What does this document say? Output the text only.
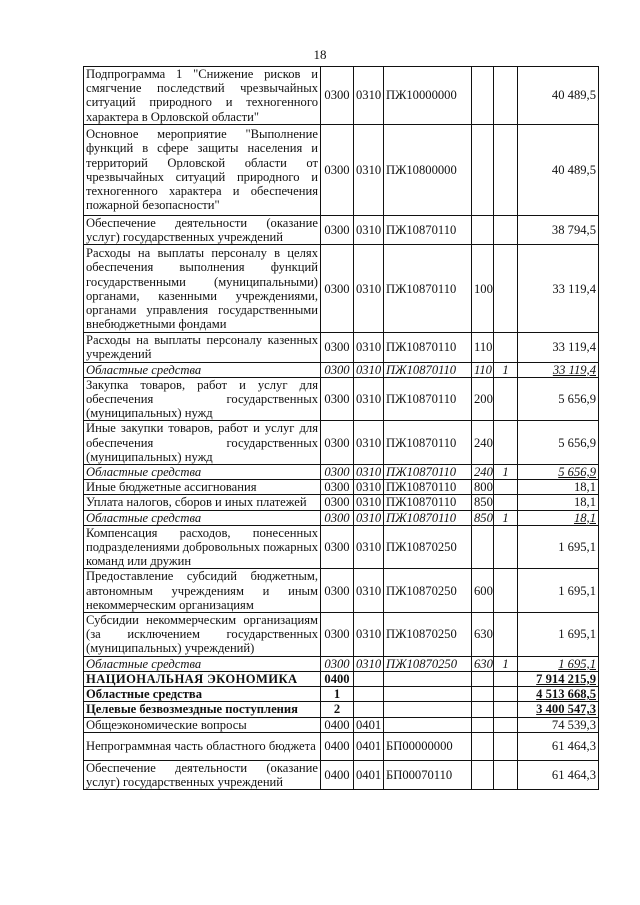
18
Подпрограмма 1 "Снижение рисков и смягчение последствий чрезвычайных ситуаций природного и техногенного характера в Орловской области"	0300	0310	ПЖ10000000			40 489,5
Основное мероприятие "Выполнение функций в сфере защиты населения и территорий Орловской области от чрезвычайных ситуаций природного и техногенного характера и обеспечения пожарной безопасности"	0300	0310	ПЖ10800000			40 489,5
Обеспечение деятельности (оказание услуг) государственных учреждений	0300	0310	ПЖ10870110			38 794,5
Расходы на выплаты персоналу в целях обеспечения выполнения функций государственными (муниципальными) органами, казенными учреждениями, органами управления государственными внебюджетными фондами	0300	0310	ПЖ10870110	100		33 119,4
Расходы на выплаты персоналу казенных учреждений	0300	0310	ПЖ10870110	110		33 119,4
Областные средства	0300	0310	ПЖ10870110	110	1	33 119,4
Закупка товаров, работ и услуг для обеспечения государственных (муниципальных) нужд	0300	0310	ПЖ10870110	200		5 656,9
Иные закупки товаров, работ и услуг для обеспечения государственных (муниципальных) нужд	0300	0310	ПЖ10870110	240		5 656,9
Областные средства	0300	0310	ПЖ10870110	240	1	5 656,9
Иные бюджетные ассигнования	0300	0310	ПЖ10870110	800		18,1
Уплата налогов, сборов и иных платежей	0300	0310	ПЖ10870110	850		18,1
Областные средства	0300	0310	ПЖ10870110	850	1	18,1
Компенсация расходов, понесенных подразделениями добровольных пожарных команд или дружин	0300	0310	ПЖ10870250			1 695,1
Предоставление субсидий бюджетным, автономным учреждениям и иным некоммерческим организациям	0300	0310	ПЖ10870250	600		1 695,1
Субсидии некоммерческим организациям (за исключением государственных (муниципальных) учреждений)	0300	0310	ПЖ10870250	630		1 695,1
Областные средства	0300	0310	ПЖ10870250	630	1	1 695,1
НАЦИОНАЛЬНАЯ ЭКОНОМИКА	0400					7 914 215,9
Областные средства	1					4 513 668,5
Целевые безвозмездные поступления	2					3 400 547,3
Общеэкономические вопросы	0400	0401				74 539,3
Непрограммная часть областного бюджета	0400	0401	БП00000000			61 464,3
Обеспечение деятельности (оказание услуг) государственных учреждений	0400	0401	БП00070110			61 464,3
